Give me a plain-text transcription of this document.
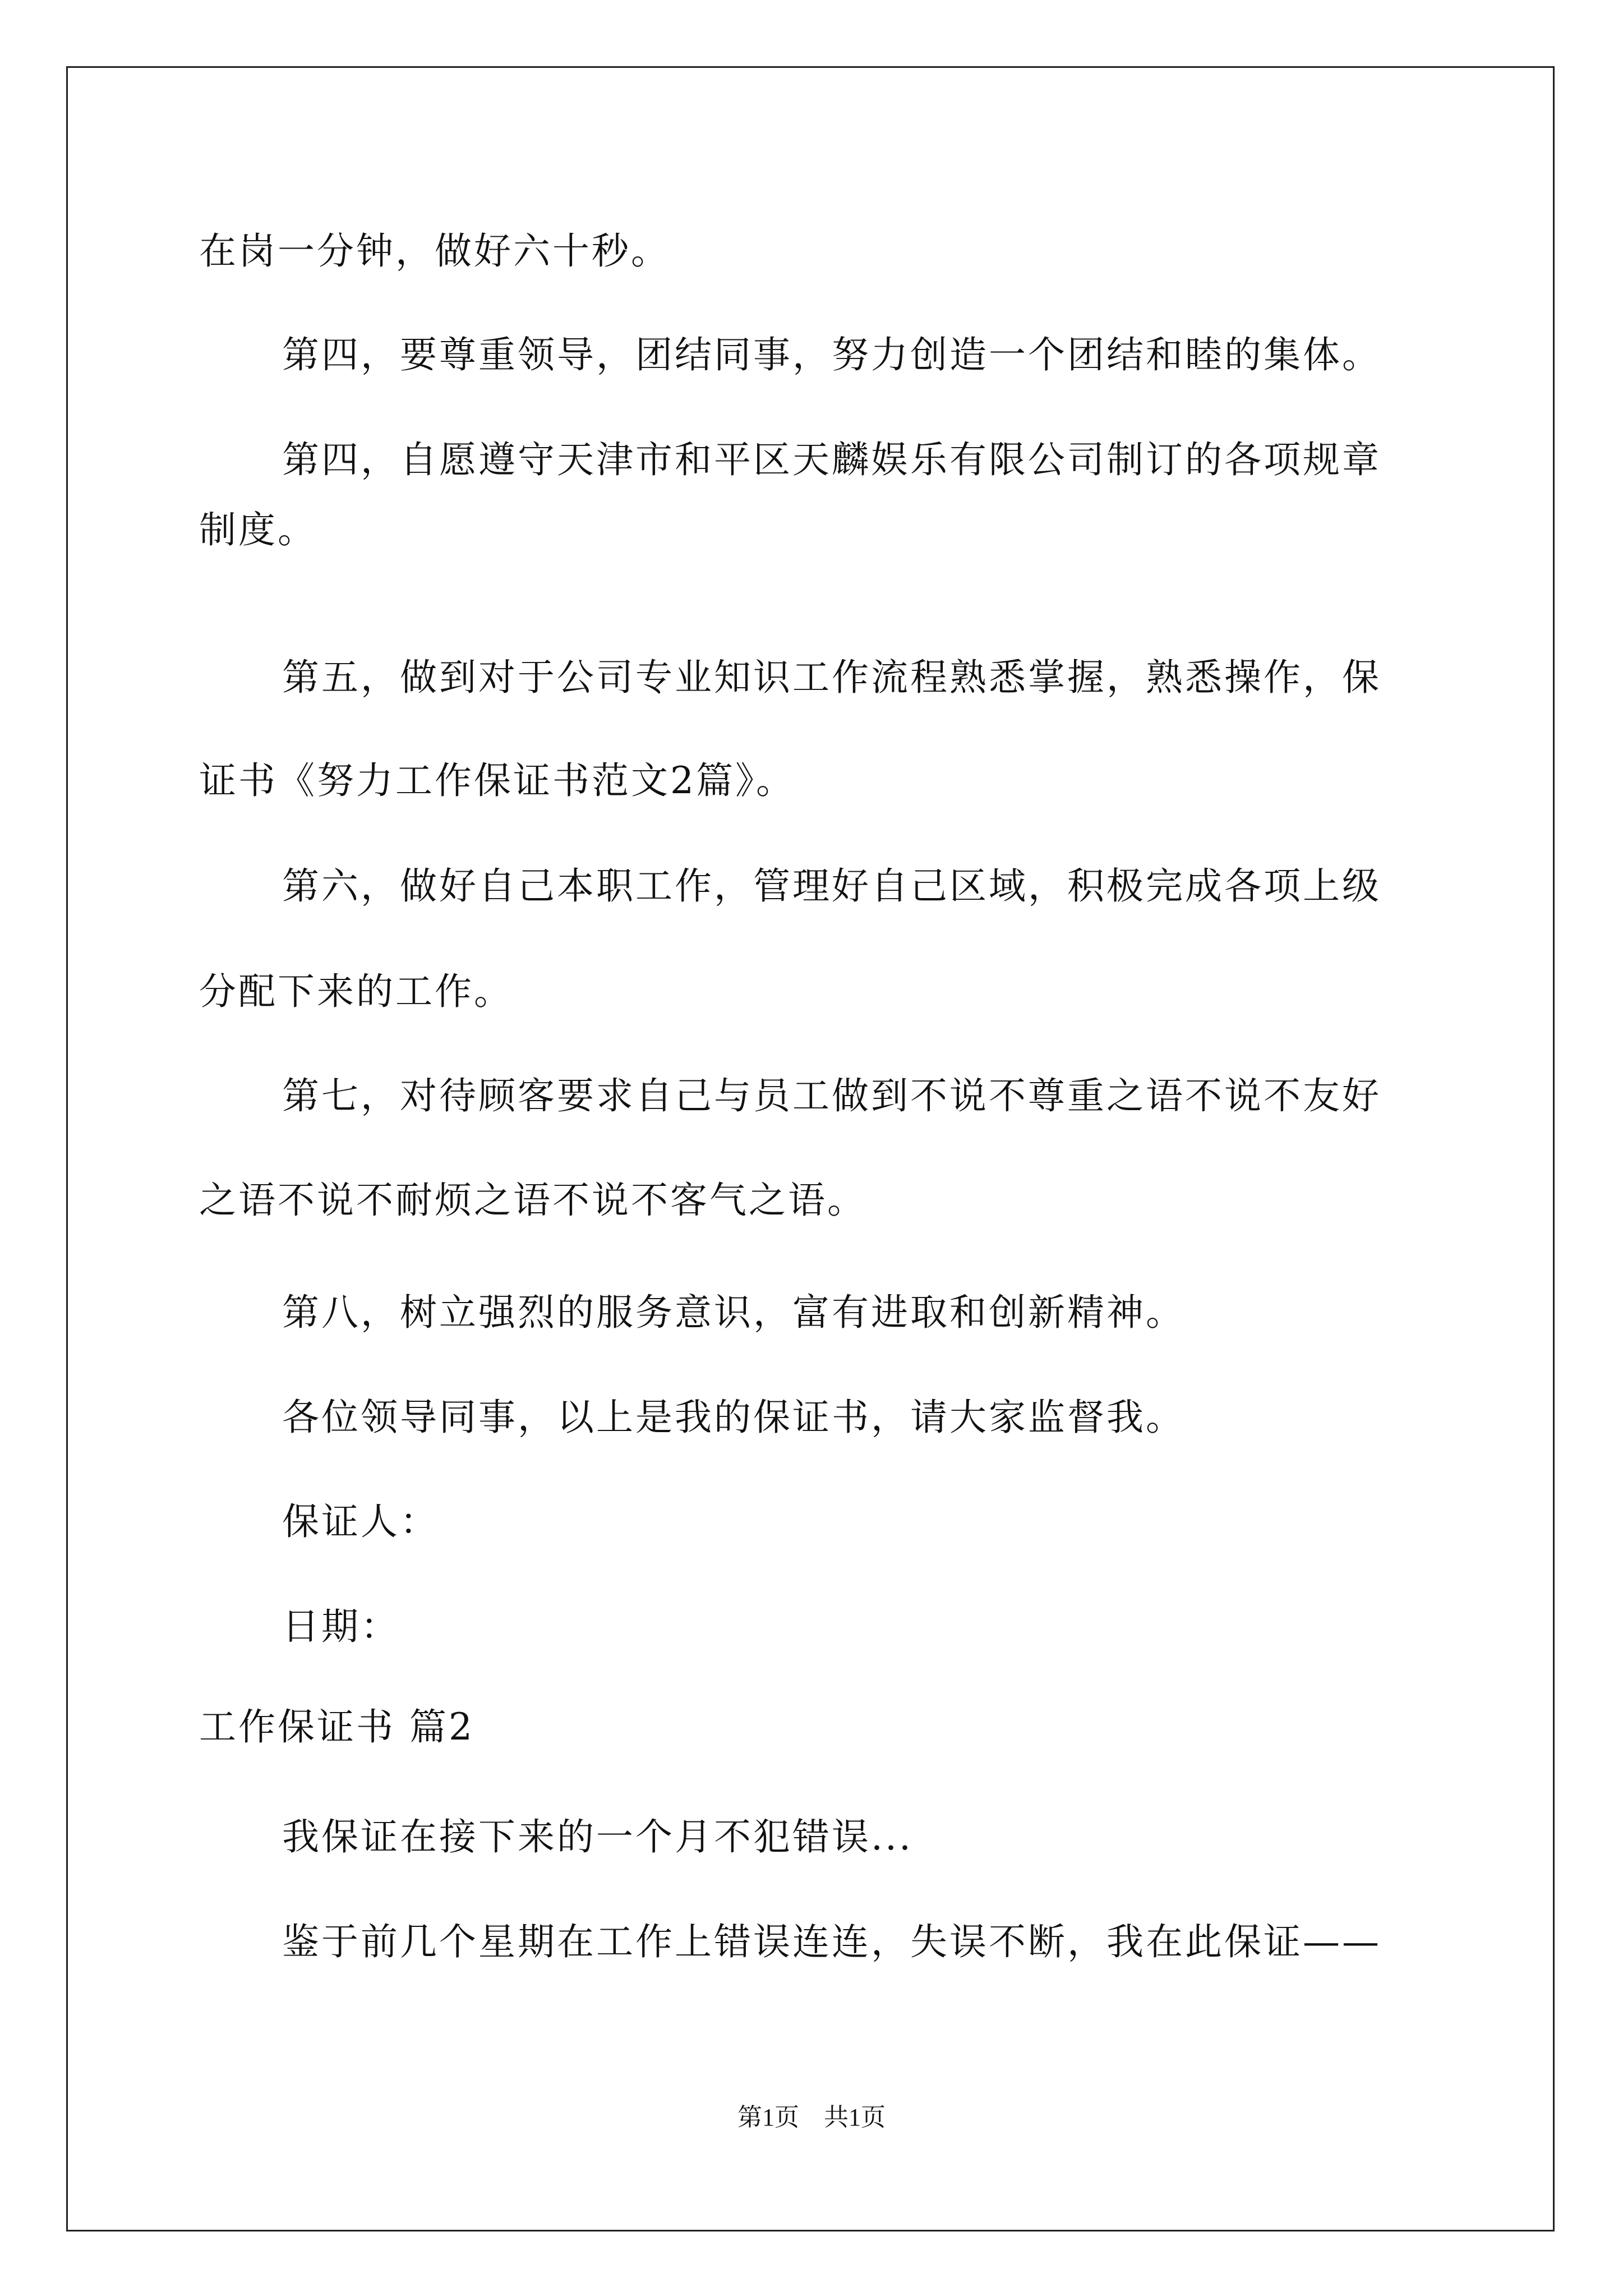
在岗一分钟，做好六十秒。
第四，要尊重领导，团结同事，努力创造一个团结和睦的集体。
第四，自愿遵守天津市和平区天麟娱乐有限公司制订的各项规章
制度。
第五，做到对于公司专业知识工作流程熟悉掌握，熟悉操作，保
证书《努力工作保证书范文2篇》。
第六，做好自己本职工作，管理好自己区域，积极完成各项上级
分配下来的工作。
第七，对待顾客要求自己与员工做到不说不尊重之语不说不友好
之语不说不耐烦之语不说不客气之语。
第八，树立强烈的服务意识，富有进取和创新精神。
各位领导同事，以上是我的保证书，请大家监督我。
保证人：
日期：
工作保证书 篇2
我保证在接下来的一个月不犯错误...
鉴于前几个星期在工作上错误连连，失误不断，我在此保证——
第1页　共1页
